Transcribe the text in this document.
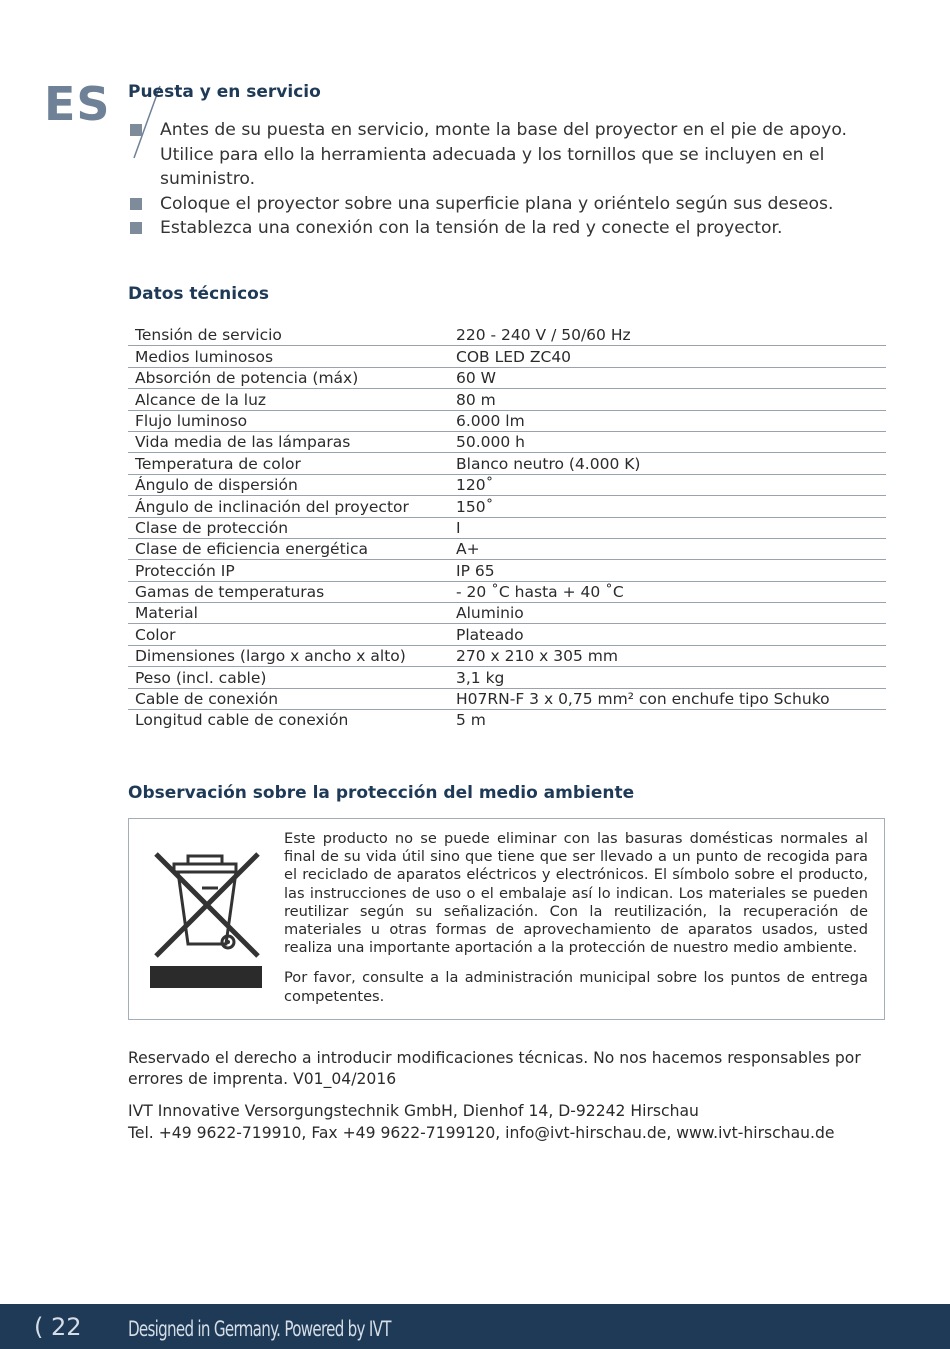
ES Puesta y en servicio
Antes de su puesta en servicio, monte la base del proyector en el pie de apoyo. Utilice para ello la herramienta adecuada y los tornillos que se incluyen en el suministro.
Coloque el proyector sobre una superficie plana y oriéntelo según sus deseos.
Establezca una conexión con la tensión de la red y conecte el proyector.
Datos técnicos
Tensión de servicio	220 - 240 V / 50/60 Hz
Medios luminosos	COB LED ZC40
Absorción de potencia (máx)	60 W
Alcance de la luz	80 m
Flujo luminoso	6.000 lm
Vida media de las lámparas	50.000 h
Temperatura de color	Blanco neutro (4.000 K)
Ángulo de dispersión	120˚
Ángulo de inclinación del proyector	150˚
Clase de protección	I
Clase de eficiencia energética	A+
Protección IP	IP 65
Gamas de temperaturas	- 20 ˚C hasta + 40 ˚C
Material	Aluminio
Color	Plateado
Dimensiones (largo x ancho x alto)	270 x 210 x 305 mm
Peso (incl. cable)	3,1 kg
Cable de conexión	H07RN-F 3 x 0,75 mm² con enchufe tipo Schuko
Longitud cable de conexión	5 m
Observación sobre la protección del medio ambiente

Este producto no se puede eliminar con las basuras domésticas normales al final de su vida útil sino que tiene que ser llevado a un punto de recogida para el reciclado de aparatos eléctricos y electrónicos. El símbolo sobre el producto, las instrucciones de uso o el embalaje así lo indican. Los materiales se pueden reutilizar según su señalización. Con la reutilización, la recuperación de materiales u otras formas de aprovechamiento de aparatos usados, usted realiza una importante aportación a la protección de nuestro medio ambiente.

Por favor, consulte a la administración municipal sobre los puntos de entrega competentes.

Reservado el derecho a introducir modificaciones técnicas. No nos hacemos responsables por errores de imprenta. V01_04/2016

IVT Innovative Versorgungstechnik GmbH, Dienhof 14, D-92242 Hirschau
Tel. +49 9622-719910, Fax +49 9622-7199120, info@ivt-hirschau.de, www.ivt-hirschau.de

( 22 Designed in Germany. Powered by IVT
